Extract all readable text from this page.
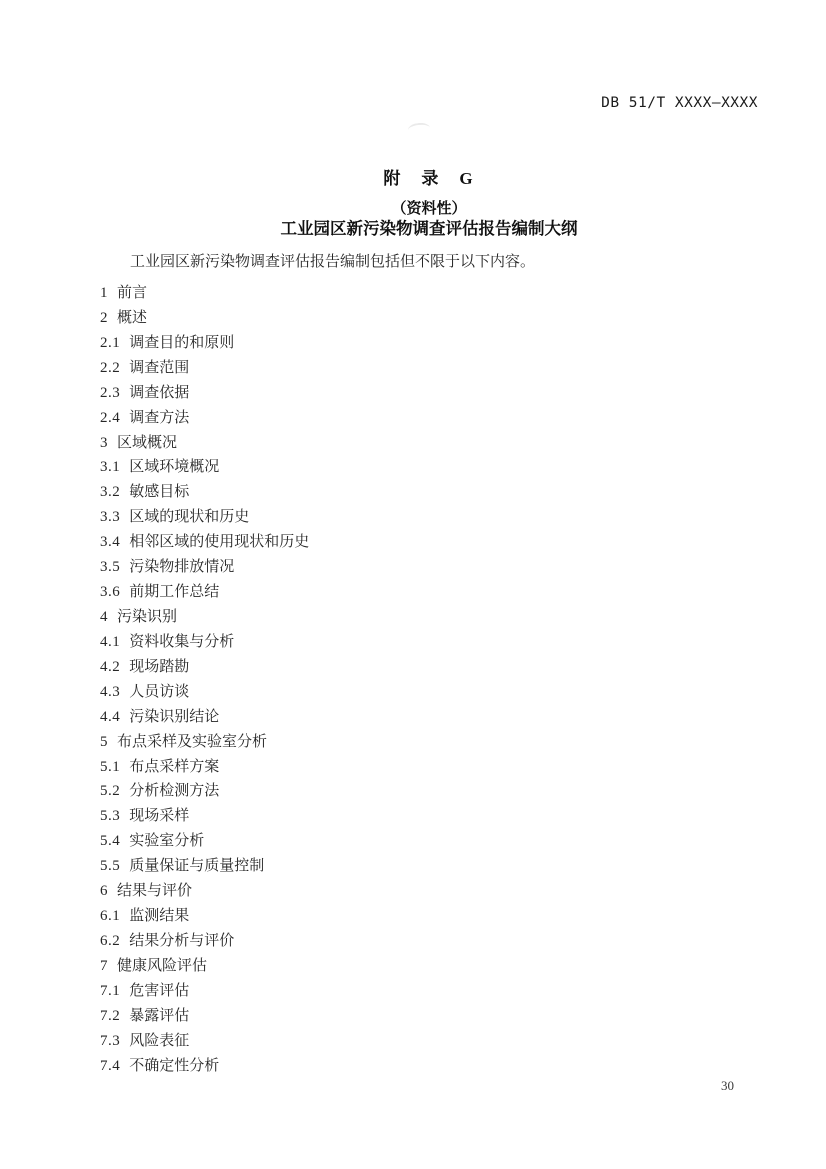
DB 51/T XXXX—XXXX
附　录　G
（资料性）
工业园区新污染物调查评估报告编制大纲

工业园区新污染物调查评估报告编制包括但不限于以下内容。

1 前言
2 概述
2.1 调查目的和原则
2.2 调查范围
2.3 调查依据
2.4 调查方法
3 区域概况
3.1 区域环境概况
3.2 敏感目标
3.3 区域的现状和历史
3.4 相邻区域的使用现状和历史
3.5 污染物排放情况
3.6 前期工作总结
4 污染识别
4.1 资料收集与分析
4.2 现场踏勘
4.3 人员访谈
4.4 污染识别结论
5 布点采样及实验室分析
5.1 布点采样方案
5.2 分析检测方法
5.3 现场采样
5.4 实验室分析
5.5 质量保证与质量控制
6 结果与评价
6.1 监测结果
6.2 结果分析与评价
7 健康风险评估
7.1 危害评估
7.2 暴露评估
7.3 风险表征
7.4 不确定性分析
30
